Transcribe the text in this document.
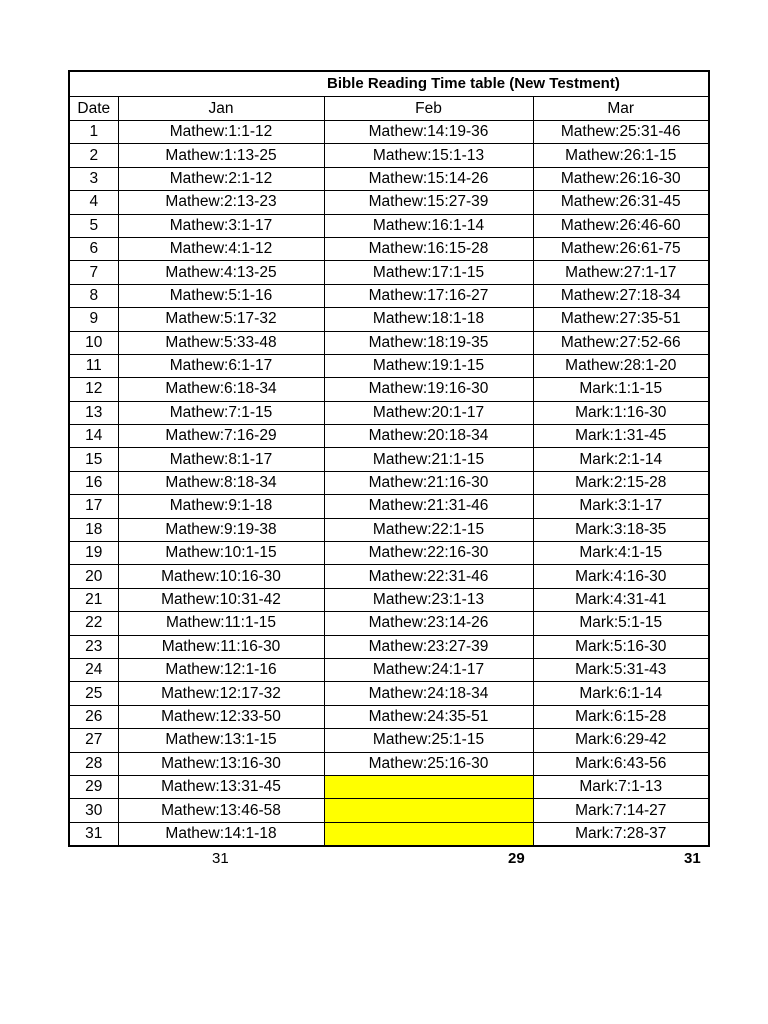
		Bible Reading Time table (New Testment)	
Date	Jan	Feb	Mar
1	Mathew:1:1-12	Mathew:14:19-36	Mathew:25:31-46
2	Mathew:1:13-25	Mathew:15:1-13	Mathew:26:1-15
3	Mathew:2:1-12	Mathew:15:14-26	Mathew:26:16-30
4	Mathew:2:13-23	Mathew:15:27-39	Mathew:26:31-45
5	Mathew:3:1-17	Mathew:16:1-14	Mathew:26:46-60
6	Mathew:4:1-12	Mathew:16:15-28	Mathew:26:61-75
7	Mathew:4:13-25	Mathew:17:1-15	Mathew:27:1-17
8	Mathew:5:1-16	Mathew:17:16-27	Mathew:27:18-34
9	Mathew:5:17-32	Mathew:18:1-18	Mathew:27:35-51
10	Mathew:5:33-48	Mathew:18:19-35	Mathew:27:52-66
11	Mathew:6:1-17	Mathew:19:1-15	Mathew:28:1-20
12	Mathew:6:18-34	Mathew:19:16-30	Mark:1:1-15
13	Mathew:7:1-15	Mathew:20:1-17	Mark:1:16-30
14	Mathew:7:16-29	Mathew:20:18-34	Mark:1:31-45
15	Mathew:8:1-17	Mathew:21:1-15	Mark:2:1-14
16	Mathew:8:18-34	Mathew:21:16-30	Mark:2:15-28
17	Mathew:9:1-18	Mathew:21:31-46	Mark:3:1-17
18	Mathew:9:19-38	Mathew:22:1-15	Mark:3:18-35
19	Mathew:10:1-15	Mathew:22:16-30	Mark:4:1-15
20	Mathew:10:16-30	Mathew:22:31-46	Mark:4:16-30
21	Mathew:10:31-42	Mathew:23:1-13	Mark:4:31-41
22	Mathew:11:1-15	Mathew:23:14-26	Mark:5:1-15
23	Mathew:11:16-30	Mathew:23:27-39	Mark:5:16-30
24	Mathew:12:1-16	Mathew:24:1-17	Mark:5:31-43
25	Mathew:12:17-32	Mathew:24:18-34	Mark:6:1-14
26	Mathew:12:33-50	Mathew:24:35-51	Mark:6:15-28
27	Mathew:13:1-15	Mathew:25:1-15	Mark:6:29-42
28	Mathew:13:16-30	Mathew:25:16-30	Mark:6:43-56
29	Mathew:13:31-45		Mark:7:1-13
30	Mathew:13:46-58		Mark:7:14-27
31	Mathew:14:1-18		Mark:7:28-37
31	29	31
